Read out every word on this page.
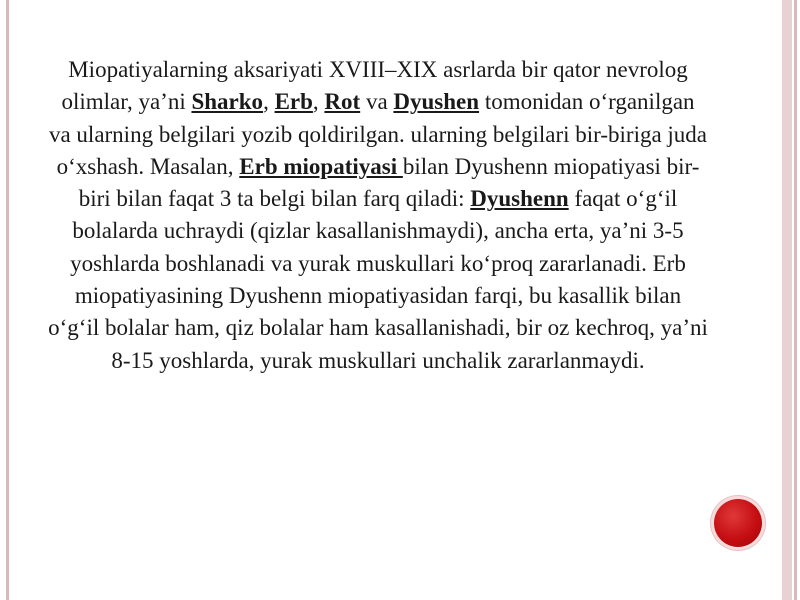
Miopatiyalarning aksariyati XVIII–XIX asrlarda bir qator nevrolog olimlar, ya’ni Sharko, Erb, Rot va Dyushen tomonidan o‘rganilgan va ularning belgilari yozib qoldirilgan. ularning belgilari bir-biriga juda o‘xshash. Masalan, Erb miopatiyasi bilan Dyushenn miopatiyasi bir-biri bilan faqat 3 ta belgi bilan farq qiladi: Dyushenn faqat o‘g‘il bolalarda uchraydi (qizlar kasallanishmaydi), ancha erta, ya’ni 3-5 yoshlarda boshlanadi va yurak muskullari ko‘proq zararlanadi. Erb miopatiyasining Dyushenn miopatiyasidan farqi, bu kasallik bilan o‘g‘il bolalar ham, qiz bolalar ham kasallanishadi, bir oz kechroq, ya’ni 8-15 yoshlarda, yurak muskullari unchalik zararlanmaydi.
